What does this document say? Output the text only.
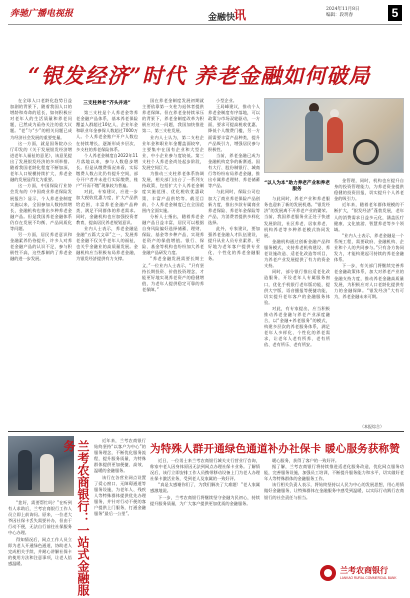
奔驰广播电视报	金融快
讯	2024年11月8日
编辑：段玥春	5
“银发经济”时代 养老金融如何破局

在全球人口老龄化趋势日益加剧的背景下，随着我国人口的增龄和寿命的延长，如何积极应对老年人的生活质量和养老问题，已然成为亟待关注的重大议题。“老”与“少”的相关问题已成为经济社会发展的重要变量。

这一方面，就是国务院办公厅印发的《关于发展银发经济增进老年人福祉的意见》，该意见提出了发展银发经济的多项举措。随着我国老龄化程度不断加深，老年人口规模持续扩大，养老金融的发展显得尤为重要。

这一方面，中国保险行业协会发布的《中国商业养老保险发展报告》显示，个人养老金制度实施以来，全国参加人数持续增长，金融机构也推出多种养老金融产品。但是我国养老金融体系仍存在发展不均衡、产品同质化等问题。

另一方面，居民养老意识和金融素养仍待提升，许多人对养老金融产品的认识不足，参与积极性不高，这些都制约了养老金融的进一步发展。

三支柱养老“齐头并进”

第三支柱是个人养老金等养老金融产品体系，基本养老保险覆盖人群超过10亿人，企业年金和职业年金参保人数超过7000万人。个人养老金账户开户人数也在持续增长，逐渐形成多层次、多支柱的养老保险体系。

个人养老金制度自2022年11月落地以来，参与人数稳步增长。但是从缴费情况来看，实际缴费人数占比仍有提升空间，部分开户者并未进行实际缴费，账户“开而不缴”现象较为普遍。

对此，专家建议，应进一步加大税收优惠力度，扩大产品供给范围，丰富养老金融产品种类，满足不同群体的养老需求。同时，金融机构也应加强投资者教育，提高居民养老规划意识。

业内人士表示，养老金融是金融“五篇大文章”之一，发展养老金融不仅关乎老年人的福祉，也关乎金融业的高质量发展。金融机构应当积极布局养老金融，为银发经济提供有力支撑。

国在养老金制度发展初期就主要依靠第一支柱为退休者提供养老保障。但在养老金持续承压的背景下，养老金制度改革为积极应对这一问题，我国加快推进第二、第三支柱发展。

业内人士认为，第二支柱企业年金和职业年金覆盖面较窄，主要集中在国有企业和大型企业，中小企业参与度较低。第三支柱个人养老金尚处起步阶段，发展空间巨大。

为推动三支柱养老体系协调发展，相关部门出台了一系列支持政策，包括扩大个人养老金制度实施范围、优化税收优惠政策、丰富产品供给等。截至目前，个人养老金制度已在全国范围内全面实施。

分析人士指出，随着养老金融产品日益丰富，居民可以根据自身风险偏好选择储蓄、理财、保险、基金等多种产品，实现养老资产的保值增值。银行、保险、基金等机构也纷纷加大养老金融产品研发力度。

“养老金融发展需要长期主义，”一位业内人士表示，“只有坚持长期投资、价值投资理念，才能更好地实现养老资产的稳健增值，为老年人提供稳定可靠的养老保障。”

小型企业。

王局峰建议，推动个人养老金制度有序落地，可以政策与市场双轮驱动，一方面，要求可提高税收优惠、降低个人缴费门槛，另一方面需要丰富产品种类，提升产品吸引力，增强居民参与积极性。

当前，养老金融已成为金融机构竞争的新赛道。国有大行、股份制银行、城商行等纷纷布局养老金融，推出专属养老理财、养老储蓄等产品。

与此同时，保险公司也加大了商业养老保险产品创新力度，推出多款专属商业养老保险、养老年金保险等产品，为消费者提供多样化选择。

此外，专家建议，要加强养老金融人才队伍建设，提升从业人员专业素养，更好地为老年客户提供专业化、个性化的养老金融服务。

“以人为本”助力养老产业和养老服务

与此同时，养老产业和养老服务也迎来了新的发展机遇。“银发经济”的发展离不开养老产业的繁荣。当前，我国养老服务业正处于快速发展阶段，社区养老、居家养老、机构养老等多种养老模式协同发展。

金融机构通过创新金融产品和服务模式，支持养老机构建设、养老设施改造、适老化改造等项目，为养老产业发展提供了有力的资金支持。

同时，部分银行推出适老化改造服务，开设老年人专属服务窗口，优化手机银行老年版功能，提供大字版、语音播报等便捷功能，切实提升老年客户的金融服务体验。

对此，有专家提出，应当积极推动养老金融与养老产业深度融合，以“金融+养老服务”的模式，构建多层次的养老服务体系，满足老年人多样化、个性化的养老需求，让老年人老有所养、老有所依、老有所乐、老有所安。

金管理，同时，机构也应提升自身的投资管理能力，为养老资金提供稳健的投资回报，切实提升个人养老金的吸引力。

近年来，随着老年群体规模的不断扩大，“银发经济”蓬勃发展，老年人的消费需求日益多元化，涵盖医疗健康、文化旅游、智慧养老等多个领域。

“业内人士表示，养老金融是一个系统工程，需要政府、金融机构、企业和个人的共同参与。”只有各方协同发力，才能构建起可持续的养老金融体系。

下一步，有关部门将继续完善养老金融政策体系，加大对养老产业的金融支持力度，推动养老金融高质量发展，为积极应对人口老龄化提供有力的金融保障。“银发经济”大有可为，养老金融未来可期。

（本报综合）
兰考农商银行：一站式金融服务	为特殊人群开通绿色通道补办社保卡 暖心服务获称赞

“您好，需要帮忙吗？”在听到有人求助后，兰考农商银行工作人员立即上前询问。原来，一位老大爷因社保卡丢失需要补办，但由于行动不便，无法自行前往社保服务中心办理。

得知情况后，网点工作人员立即为老人开通绿色通道，协助老人完成相关手续，并耐心讲解社保卡的使用方法和注意事项，让老人倍感温暖。

近年来，兰考农商银行始终坚持“以客户为中心”的服务理念，不断优化服务流程，提升服务质量，为特殊群体提供更加便捷、高效、温暖的金融服务。

该行在各营业网点设置了爱心窗口、无障碍通道等服务设施，为老年人、残疾人等特殊群体提供优先办理服务，并针对行动不便的客户提供上门服务，打通金融服务“最后一公里”。

近日，一位男士来兰考农商银行城关支行营业厅咨询，称家中老人因身体原因无法到网点办理社保卡业务。了解情况后，该行立即安排工作人员携带移动设备上门为老人办理社保卡激活业务，受到老人及家属的一致好评。

“真是太感谢你们了，为我们解决了大难题！”老人家属感激地说。

下一步，兰考农商银行将继续坚守金融为民初心，持续提升服务质量，为广大客户提供更加优质的金融服务。

暖心服务，获得了客户的一致好评。

据了解，兰考农商银行将持续推进适老化服务改造，优化网点服务功能，完善服务设施，加强员工培训，不断提升服务能力和水平，切实做好老年人等特殊群体的金融服务工作。

该行相关负责人表示，将始终坚持以人民为中心的发展思想，用心用情做好金融服务，让特殊群体在金融服务中感受到温暖，以实际行动践行农商银行的社会责任与担当。

兰考农商银行
LANKAO RURAL COMMERCIAL BANK
